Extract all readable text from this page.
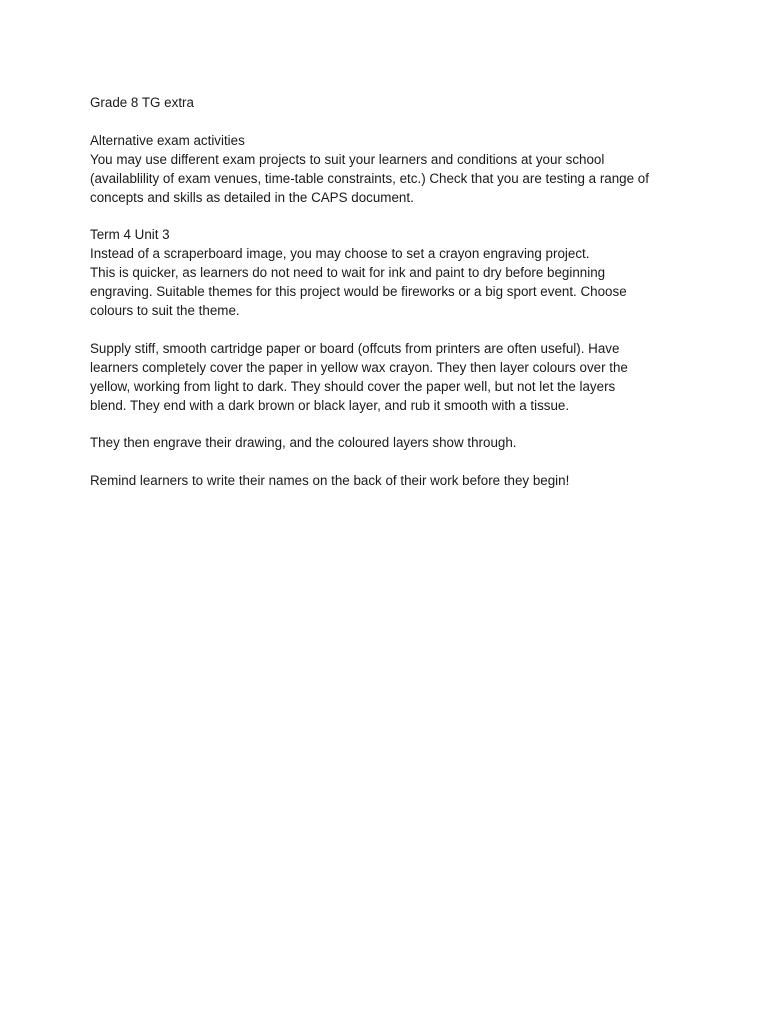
Grade 8 TG extra
Alternative exam activities
You may use different exam projects to suit your learners and conditions at your school
(availablility of exam venues, time-table constraints, etc.) Check that you are testing a range of
concepts and skills as detailed in the CAPS document.
Term 4 Unit 3
Instead of a scraperboard image, you may choose to set a crayon engraving project.
This is quicker, as learners do not need to wait for ink and paint to dry before beginning
engraving. Suitable themes for this project would be fireworks or a big sport event. Choose
colours to suit the theme.
Supply stiff, smooth cartridge paper or board (offcuts from printers are often useful). Have
learners completely cover the paper in yellow wax crayon. They then layer colours over the
yellow, working from light to dark. They should cover the paper well, but not let the layers
blend. They end with a dark brown or black layer, and rub it smooth with a tissue.
They then engrave their drawing, and the coloured layers show through.
Remind learners to write their names on the back of their work before they begin!
